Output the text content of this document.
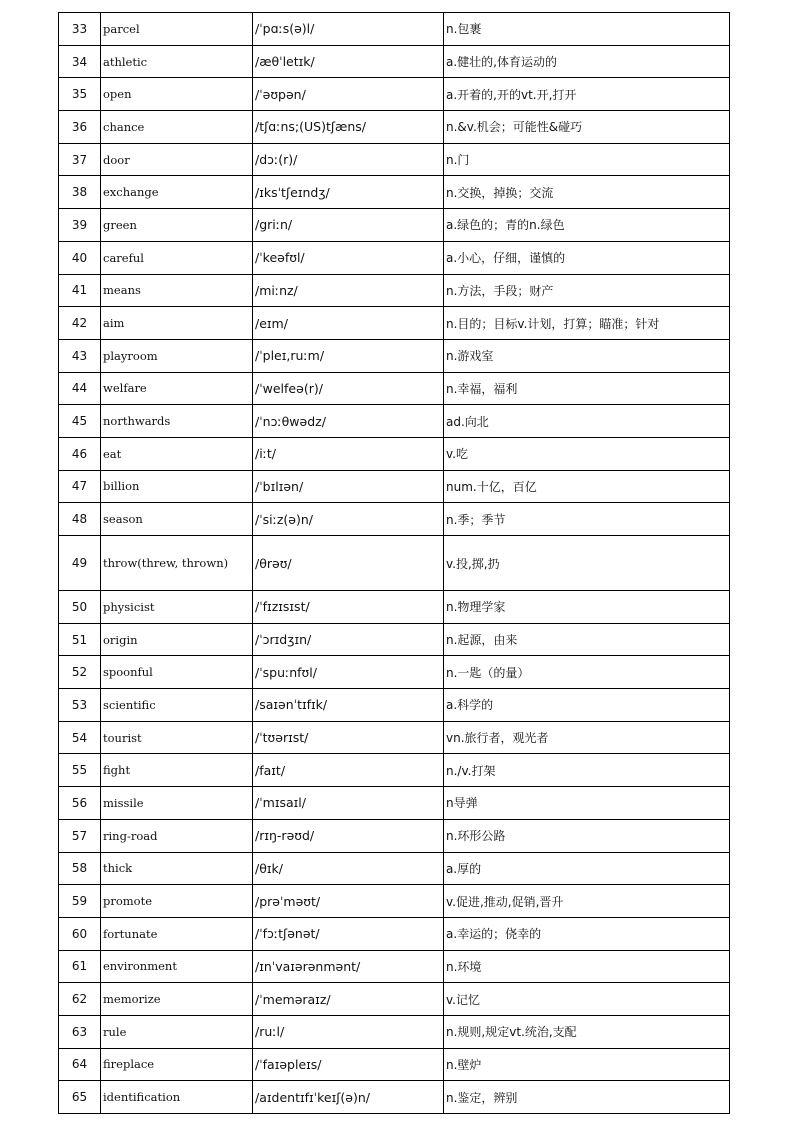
33	parcel	/ˈpɑːs(ə)l/	n.包裹
34	athletic	/æθˈletɪk/	a.健壮的,体育运动的
35	open	/ˈəʊpən/	a.开着的,开的vt.开,打开
36	chance	/tʃɑːns;(US)tʃæns/	n.&v.机会；可能性&碰巧
37	door	/dɔː(r)/	n.门
38	exchange	/ɪksˈtʃeɪndʒ/	n.交换，掉换；交流
39	green	/griːn/	a.绿色的；青的n.绿色
40	careful	/ˈkeəfʊl/	a.小心，仔细，谨慎的
41	means	/miːnz/	n.方法，手段；财产
42	aim	/eɪm/	n.目的；目标v.计划，打算；瞄准；针对
43	playroom	/ˈpleɪ,ruːm/	n.游戏室
44	welfare	/ˈwelfeə(r)/	n.幸福，福利
45	northwards	/ˈnɔːθwədz/	ad.向北
46	eat	/iːt/	v.吃
47	billion	/ˈbɪlɪən/	num.十亿，百亿
48	season	/ˈsiːz(ə)n/	n.季；季节
49	throw(threw, thrown)	/θrəʊ/	v.投,掷,扔
50	physicist	/ˈfɪzɪsɪst/	n.物理学家
51	origin	/ˈɔrɪdʒɪn/	n.起源，由来
52	spoonful	/ˈspuːnfʊl/	n.一匙（的量）
53	scientific	/saɪənˈtɪfɪk/	a.科学的
54	tourist	/ˈtʊərɪst/	vn.旅行者，观光者
55	fight	/faɪt/	n./v.打架
56	missile	/ˈmɪsaɪl/	n导弹
57	ring-road	/rɪŋ-rəʊd/	n.环形公路
58	thick	/θɪk/	a.厚的
59	promote	/prəˈməʊt/	v.促进,推动,促销,晋升
60	fortunate	/ˈfɔːtʃənət/	a.幸运的；侥幸的
61	environment	/ɪnˈvaɪərənmənt/	n.环境
62	memorize	/ˈmeməraɪz/	v.记忆
63	rule	/ruːl/	n.规则,规定vt.统治,支配
64	fireplace	/ˈfaɪəpleɪs/	n.壁炉
65	identification	/aɪdentɪfɪˈkeɪʃ(ə)n/	n.鉴定，辨别
